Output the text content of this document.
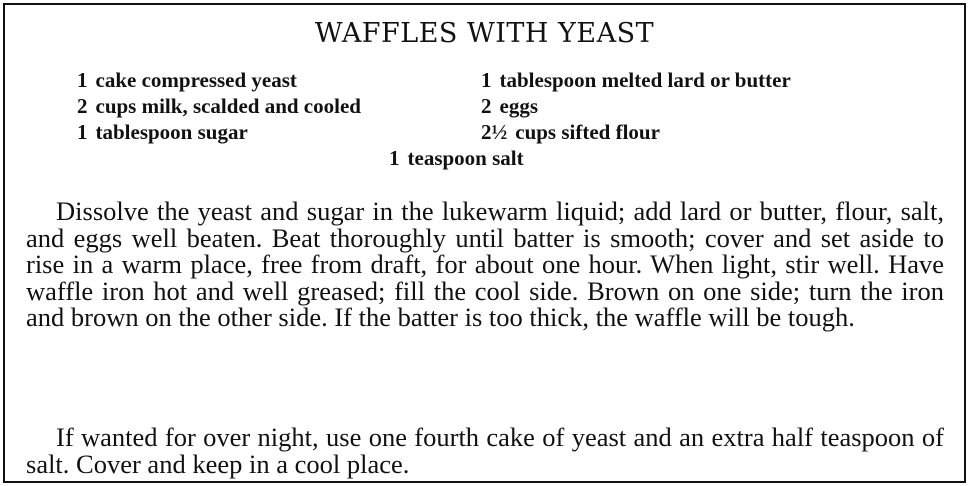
WAFFLES WITH YEAST
1 cake compressed yeast
2 cups milk, scalded and cooled
1 tablespoon sugar
1 tablespoon melted lard or butter
2 eggs
2½ cups sifted flour
1 teaspoon salt

Dissolve the yeast and sugar in the lukewarm liquid; add lard or butter, flour, salt, and eggs well beaten. Beat thoroughly until batter is smooth; cover and set aside to rise in a warm place, free from draft, for about one hour. When light, stir well. Have waffle iron hot and well greased; fill the cool side. Brown on one side; turn the iron and brown on the other side. If the batter is too thick, the waffle will be tough.

If wanted for over night, use one fourth cake of yeast and an extra half teaspoon of salt. Cover and keep in a cool place.
